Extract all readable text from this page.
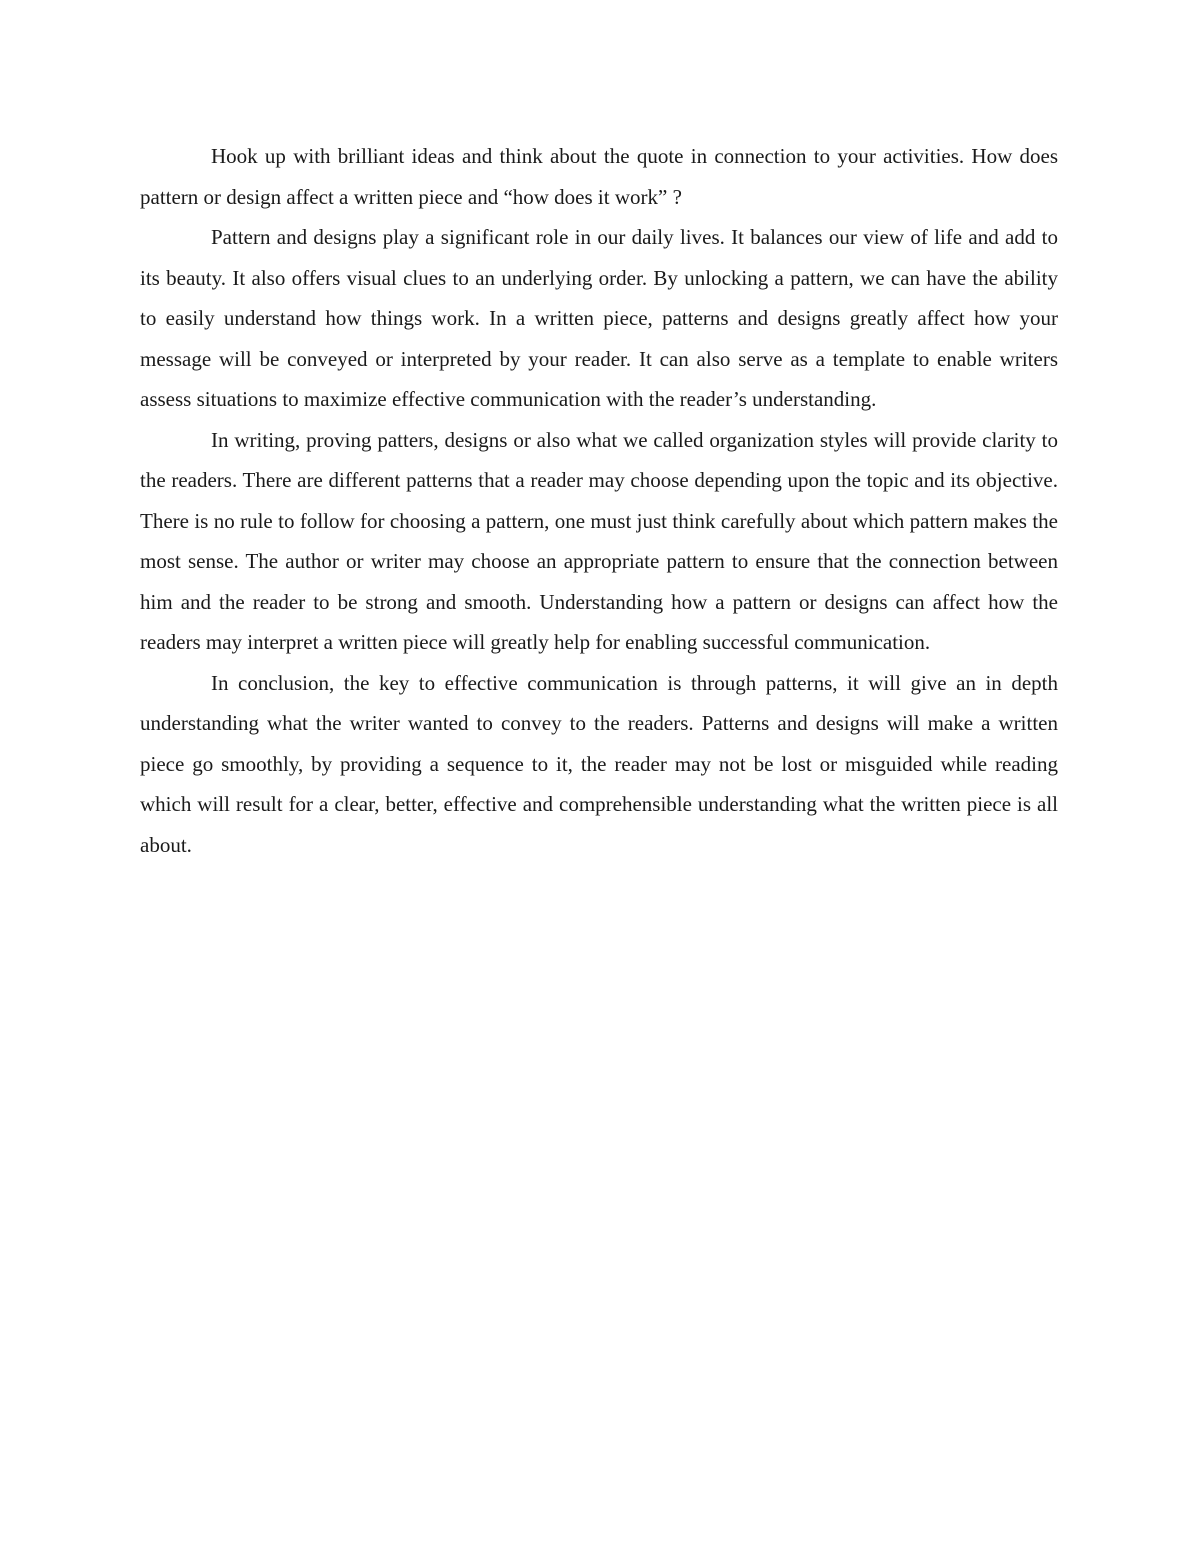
Hook up with brilliant ideas and think about the quote in connection to your activities. How does pattern or design affect a written piece and “how does it work” ?

Pattern and designs play a significant role in our daily lives. It balances our view of life and add to its beauty. It also offers visual clues to an underlying order. By unlocking a pattern, we can have the ability to easily understand how things work. In a written piece, patterns and designs greatly affect how your message will be conveyed or interpreted by your reader. It can also serve as a template to enable writers assess situations to maximize effective communication with the reader’s understanding.

In writing, proving patters, designs or also what we called organization styles will provide clarity to the readers. There are different patterns that a reader may choose depending upon the topic and its objective. There is no rule to follow for choosing a pattern, one must just think carefully about which pattern makes the most sense. The author or writer may choose an appropriate pattern to ensure that the connection between him and the reader to be strong and smooth. Understanding how a pattern or designs can affect how the readers may interpret a written piece will greatly help for enabling successful communication.

In conclusion, the key to effective communication is through patterns, it will give an in depth understanding what the writer wanted to convey to the readers. Patterns and designs will make a written piece go smoothly, by providing a sequence to it, the reader may not be lost or misguided while reading which will result for a clear, better, effective and comprehensible understanding what the written piece is all about.
